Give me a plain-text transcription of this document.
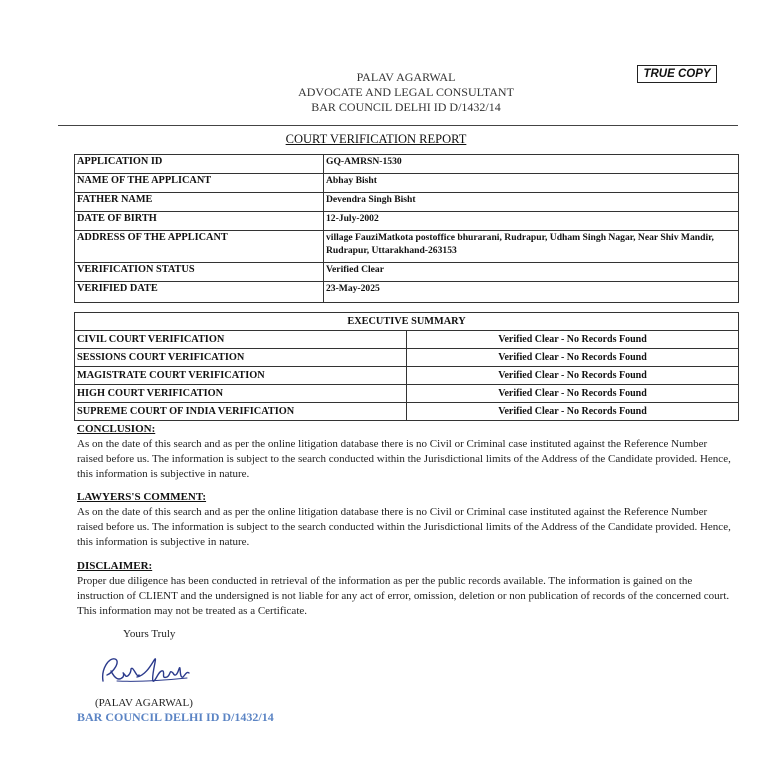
PALAV AGARWAL
ADVOCATE AND LEGAL CONSULTANT
BAR COUNCIL DELHI ID D/1432/14
TRUE COPY
COURT VERIFICATION REPORT
APPLICATION ID	GQ-AMRSN-1530
NAME OF THE APPLICANT	Abhay Bisht
FATHER NAME	Devendra Singh Bisht
DATE OF BIRTH	12-July-2002
ADDRESS OF THE APPLICANT	village FauziMatkota postoffice bhurarani, Rudrapur, Udham Singh Nagar, Near Shiv Mandir, Rudrapur, Uttarakhand-263153
VERIFICATION STATUS	Verified Clear
VERIFIED DATE	23-May-2025
EXECUTIVE SUMMARY	
CIVIL COURT VERIFICATION	Verified Clear - No Records Found
SESSIONS COURT VERIFICATION	Verified Clear - No Records Found
MAGISTRATE COURT VERIFICATION	Verified Clear - No Records Found
HIGH COURT VERIFICATION	Verified Clear - No Records Found
SUPREME COURT OF INDIA VERIFICATION	Verified Clear - No Records Found
CONCLUSION:
As on the date of this search and as per the online litigation database there is no Civil or Criminal case instituted against the Reference Number raised before us. The information is subject to the search conducted within the Jurisdictional limits of the Address of the Candidate provided. Hence, this information is subjective in nature.
LAWYERS'S COMMENT:
As on the date of this search and as per the online litigation database there is no Civil or Criminal case instituted against the Reference Number raised before us. The information is subject to the search conducted within the Jurisdictional limits of the Address of the Candidate provided. Hence, this information is subjective in nature.
DISCLAIMER:
Proper due diligence has been conducted in retrieval of the information as per the public records available. The information is gained on the instruction of CLIENT and the undersigned is not liable for any act of error, omission, deletion or non publication of records of the concerned court. This information may not be treated as a Certificate.
Yours Truly
(PALAV AGARWAL)
BAR COUNCIL DELHI ID D/1432/14
